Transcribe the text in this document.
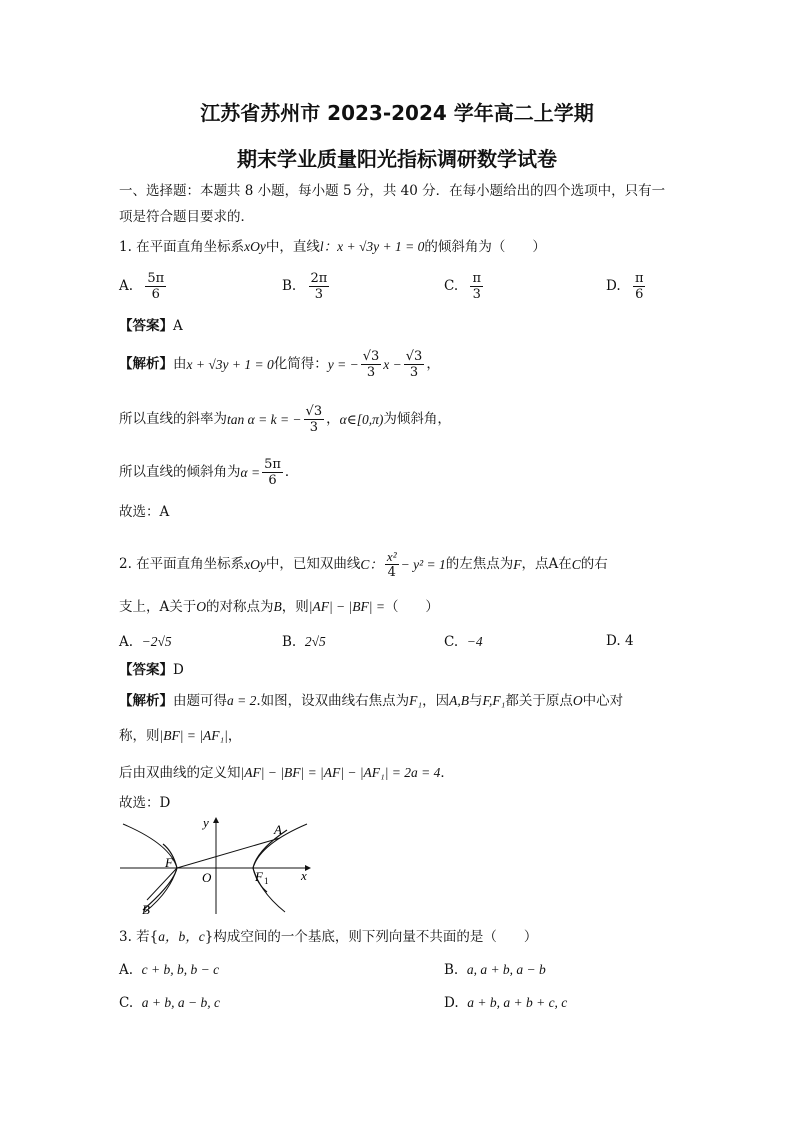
江苏省苏州市 2023-2024 学年高二上学期
期末学业质量阳光指标调研数学试卷
一、选择题：本题共 8 小题，每小题 5 分，共 40 分．在每小题给出的四个选项中，只有一
项是符合题目要求的．
1. 在平面直角坐标系xOy中，直线l：x + √3y + 1 = 0的倾斜角为（　　）
A. $\frac{5\pi}{6}$	B. $\frac{2\pi}{3}$	C. $\frac{\pi}{3}$	D. $\frac{\pi}{6}$
【答案】A
【解析】由x + √3y + 1 = 0化简得：y = − $\frac{√3}{3}$ $x - \frac{√3}{3}$ ，
所以直线的斜率为tan α = k = − $\frac{√3}{3}$ ，α∈[0,π)为倾斜角，
所以直线的倾斜角为$\alpha = \frac{5\pi}{6}$ ．
故选：A
2. 在平面直角坐标系xOy中，已知双曲线C： $\frac{\text{x²}}{4} - y^2 = 1$的左焦点为F，点A在C的右
支上，A关于O的对称点为B，则|AF| − |BF| =（　　）
A. −2√5	B. 2√5	C. −4	D. 4
【答案】D
【解析】由题可得a = 2.如图，设双曲线右焦点为F₁，因A,B与F,F₁都关于原点O中心对
称，则|BF| = |AF₁|，
后由双曲线的定义知|AF| − |BF| = |AF| − |AF₁| = 2a = 4．
故选：D
y
x
O
A
B
F
F 1
3. 若{a，b，c}构成空间的一个基底，则下列向量不共面的是（　　）
A. c + b, b, b − c	B. a, a + b, a − b
C. a + b, a − b, c	D. a + b, a + b + c, c
